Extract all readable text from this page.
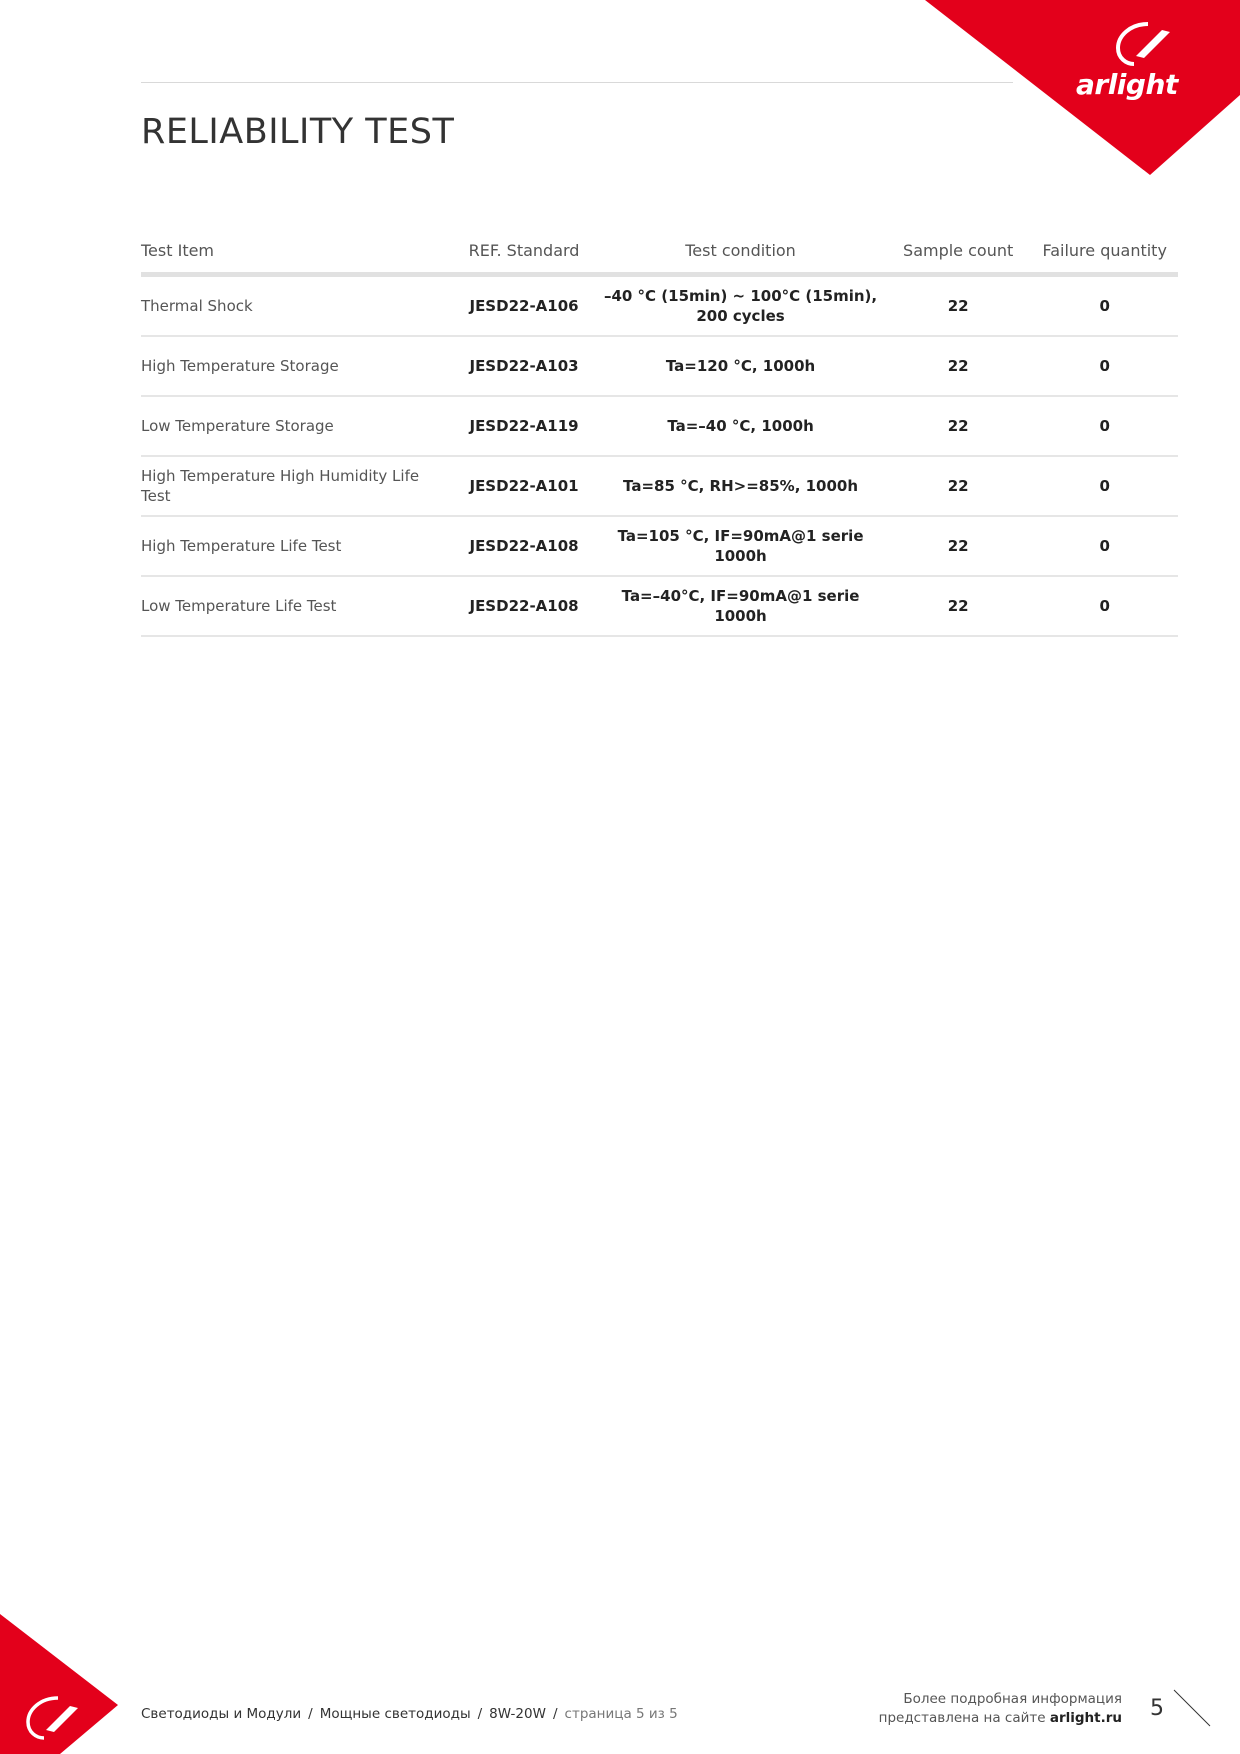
arlight
RELIABILITY TEST
Test Item	REF. Standard	Test condition	Sample count	Failure quantity
Thermal Shock	JESD22-A106	–40 °C (15min) ~ 100°C (15min), 200 cycles	22	0
High Temperature Storage	JESD22-A103	Ta=120 °C, 1000h	22	0
Low Temperature Storage	JESD22-A119	Ta=–40 °C, 1000h	22	0
High Temperature High Humidity Life Test	JESD22-A101	Ta=85 °C, RH>=85%, 1000h	22	0
High Temperature Life Test	JESD22-A108	Ta=105 °C, IF=90mA@1 serie 1000h	22	0
Low Temperature Life Test	JESD22-A108	Ta=–40°C, IF=90mA@1 serie 1000h	22	0
Светодиоды и Модули / Мощные светодиоды / 8W-20W / страница 5 из 5
Более подробная информация
представлена на сайте arlight.ru 5
